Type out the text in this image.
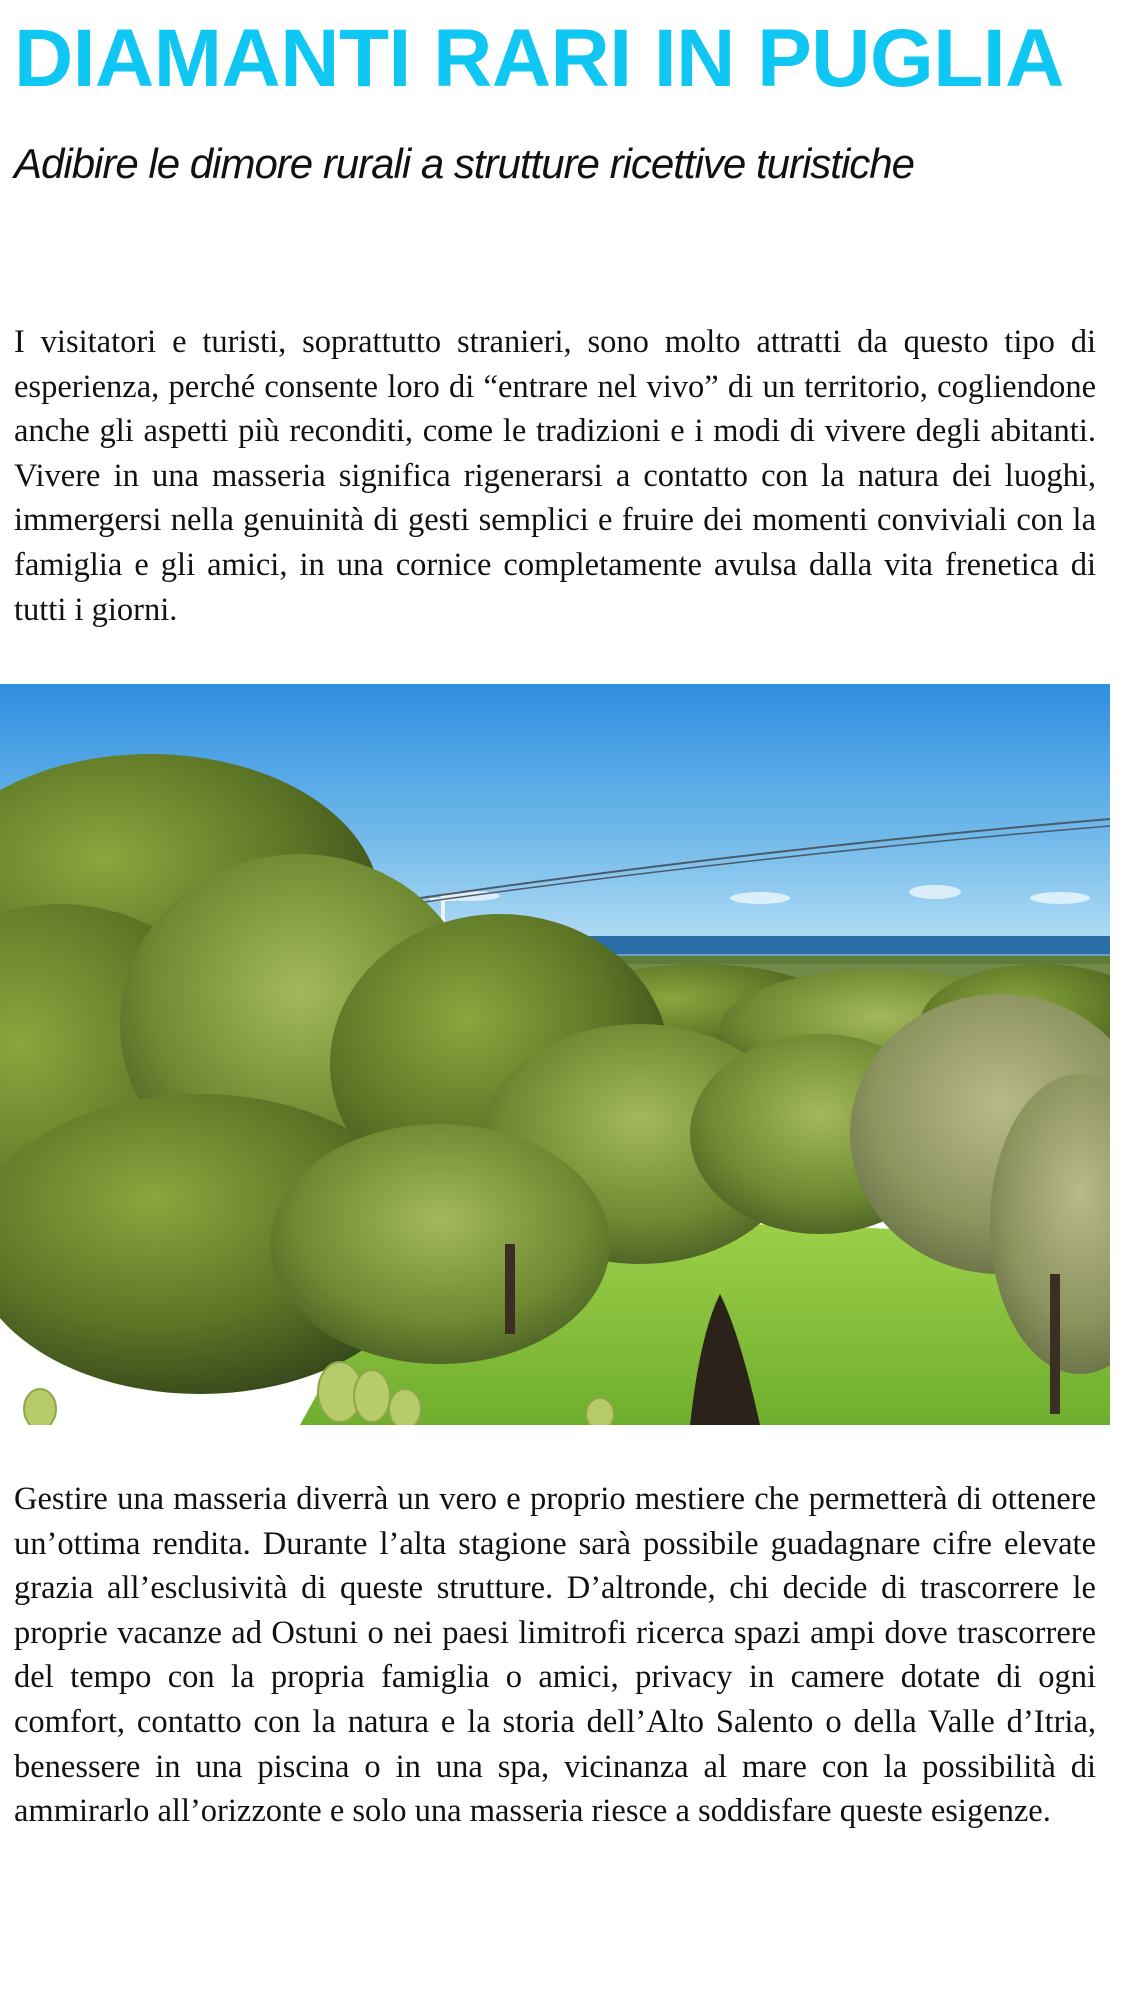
DIAMANTI RARI IN PUGLIA
Adibire le dimore rurali a strutture ricettive turistiche

I visitatori e turisti, soprattutto stranieri, sono molto attratti da questo tipo di esperienza, perché consente loro di “entrare nel vivo” di un territorio, cogliendone anche gli aspetti più reconditi, come le tradizioni e i modi di vivere degli abitanti. Vivere in una masseria significa rigenerarsi a contatto con la natura dei luoghi, immergersi nella genuinità di gesti semplici e fruire dei momenti conviviali con la famiglia e gli amici, in una cornice completamente avulsa dalla vita frenetica di tutti i giorni.

Gestire una masseria diverrà un vero e proprio mestiere che permetterà di ottenere un’ottima rendita. Durante l’alta stagione sarà possibile guadagnare cifre elevate grazia all’esclusività di queste strutture. D’altronde, chi decide di trascorrere le proprie vacanze ad Ostuni o nei paesi limitrofi ricerca spazi ampi dove trascorrere del tempo con la propria famiglia o amici, privacy in camere dotate di ogni comfort, contatto con la natura e la storia dell’Alto Salento o della Valle d’Itria, benessere in una piscina o in una spa, vicinanza al mare con la possibilità di ammirarlo all’orizzonte e solo una masseria riesce a soddisfare queste esigenze.
